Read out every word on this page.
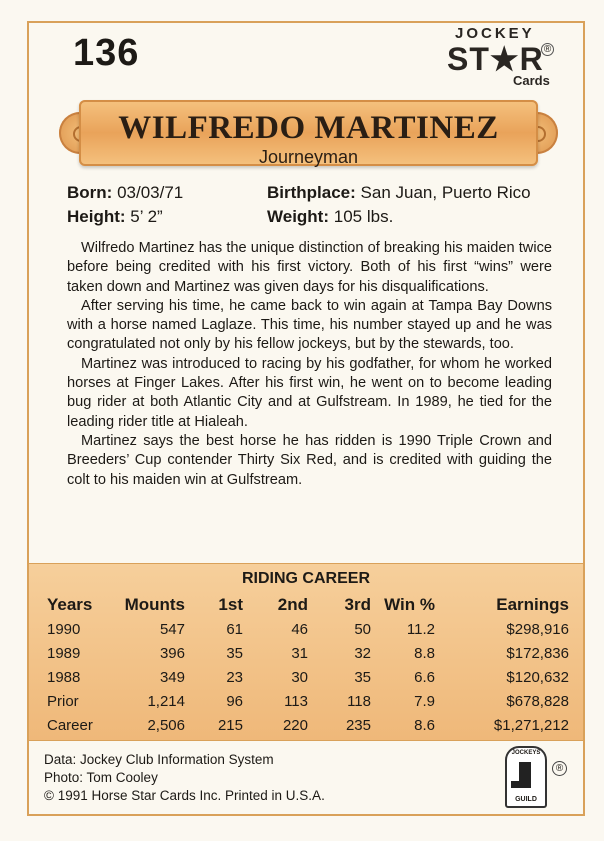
136	JOCKEY
ST★R ®
Cards
WILFREDO MARTINEZ
Journeyman
Born: 03/03/71	Birthplace: San Juan, Puerto Rico
Height: 5’ 2”	Weight: 105 lbs.

Wilfredo Martinez has the unique distinction of breaking his maiden twice before being credited with his first victory. Both of his first “wins” were taken down and Martinez was given days for his disqualifications.

After serving his time, he came back to win again at Tampa Bay Downs with a horse named Laglaze. This time, his number stayed up and he was congratulated not only by his fellow jockeys, but by the stewards, too.

Martinez was introduced to racing by his godfather, for whom he worked horses at Finger Lakes. After his first win, he went on to become leading bug rider at both Atlantic City and at Gulfstream. In 1989, he tied for the leading rider title at Hialeah.

Martinez says the best horse he has ridden is 1990 Triple Crown and Breeders’ Cup contender Thirty Six Red, and is credited with guiding the colt to his maiden win at Gulfstream.

RIDING CAREER
Years	Mounts	1st	2nd	3rd	Win %	Earnings
1990	547	61	46	50	11.2	$298,916
1989	396	35	31	32	8.8	$172,836
1988	349	23	30	35	6.6	$120,632
Prior	1,214	96	113	118	7.9	$678,828
Career	2,506	215	220	235	8.6	$1,271,212
Data: Jockey Club Information System
Photo: Tom Cooley
© 1991 Horse Star Cards Inc. Printed in U.S.A.
JOCKEYS
GUILD
®
